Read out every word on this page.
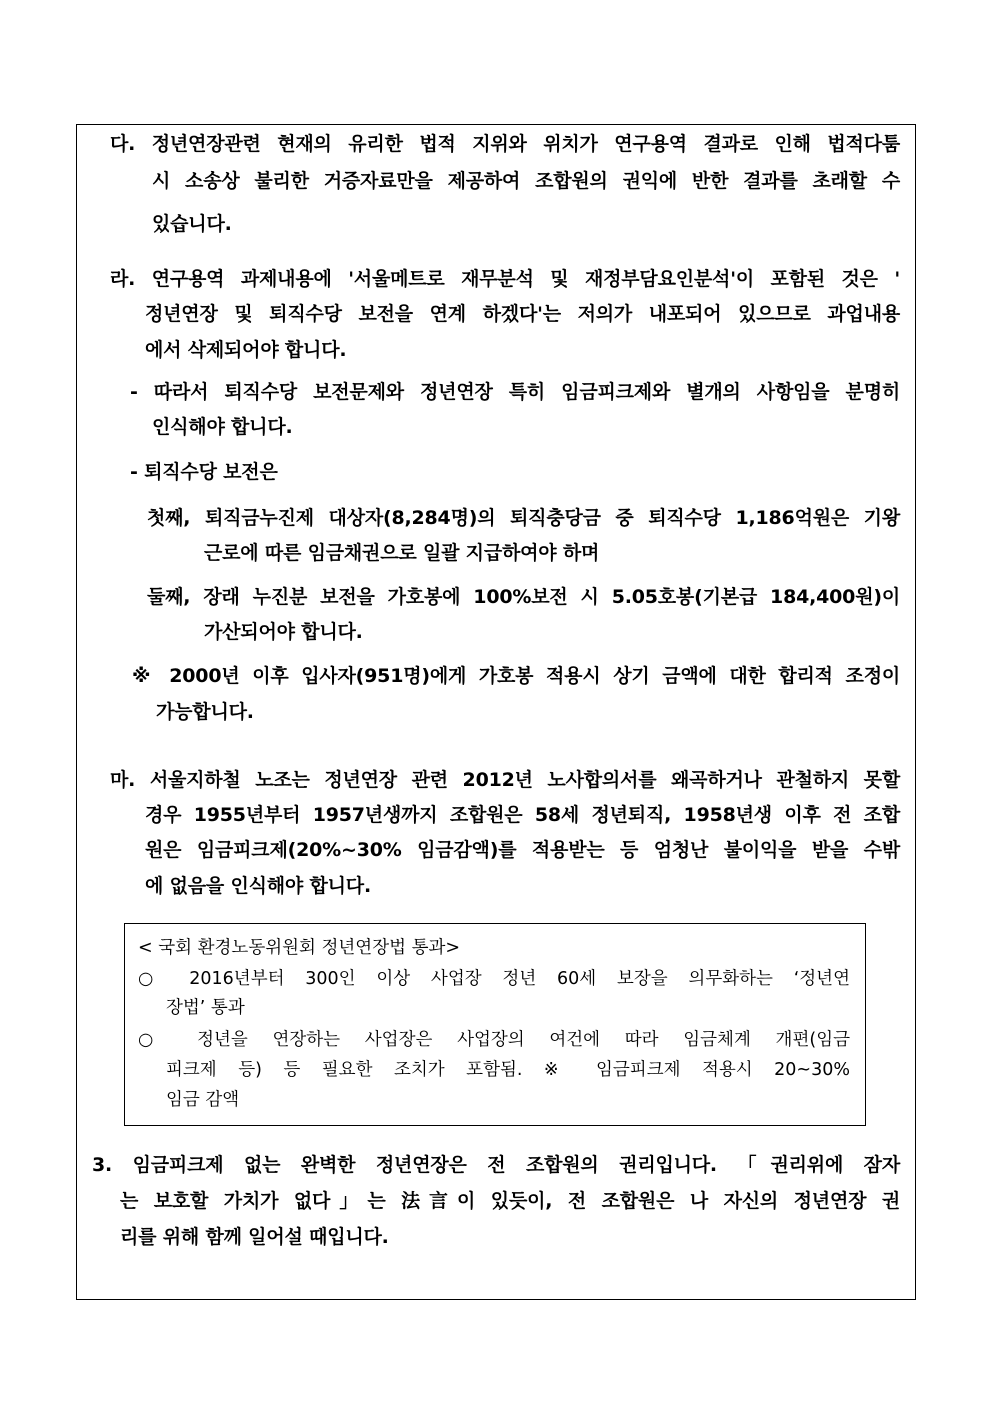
다. 정년연장관련 현재의 유리한 법적 지위와 위치가 연구용역 결과로 인해 법적다툼
시 소송상 불리한 거증자료만을 제공하여 조합원의 권익에 반한 결과를 초래할 수
있습니다.
라. 연구용역 과제내용에 '서울메트로 재무분석 및 재정부담요인분석'이 포함된 것은 '
정년연장 및 퇴직수당 보전을 연계 하겠다'는 저의가 내포되어 있으므로 과업내용
에서 삭제되어야 합니다.
- 따라서 퇴직수당 보전문제와 정년연장 특히 임금피크제와 별개의 사항임을 분명히
인식해야 합니다.
- 퇴직수당 보전은
첫째, 퇴직금누진제 대상자(8,284명)의 퇴직충당금 중 퇴직수당 1,186억원은 기왕
근로에 따른 임금채권으로 일괄 지급하여야 하며
둘째, 장래 누진분 보전을 가호봉에 100%보전 시 5.05호봉(기본급 184,400원)이
가산되어야 합니다.
※ 2000년 이후 입사자(951명)에게 가호봉 적용시 상기 금액에 대한 합리적 조정이
가능합니다.
마. 서울지하철 노조는 정년연장 관련 2012년 노사합의서를 왜곡하거나 관철하지 못할
경우 1955년부터 1957년생까지 조합원은 58세 정년퇴직, 1958년생 이후 전 조합
원은 임금피크제(20%~30% 임금감액)를 적용받는 등 엄청난 불이익을 받을 수밖
에 없음을 인식해야 합니다.
< 국회 환경노동위원회 정년연장법 통과>
○ 2016년부터 300인 이상 사업장 정년 60세 보장을 의무화하는 ‘정년연
장법’ 통과
○ 정년을 연장하는 사업장은 사업장의 여건에 따라 임금체계 개편(임금
피크제 등) 등 필요한 조치가 포함됨. ※ 임금피크제 적용시 20~30%
임금 감액
3. 임금피크제 없는 완벽한 정년연장은 전 조합원의 권리입니다. 「권리위에 잠자
는 보호할 가치가 없다」는 法言이 있듯이, 전 조합원은 나 자신의 정년연장 권
리를 위해 함께 일어설 때입니다.
